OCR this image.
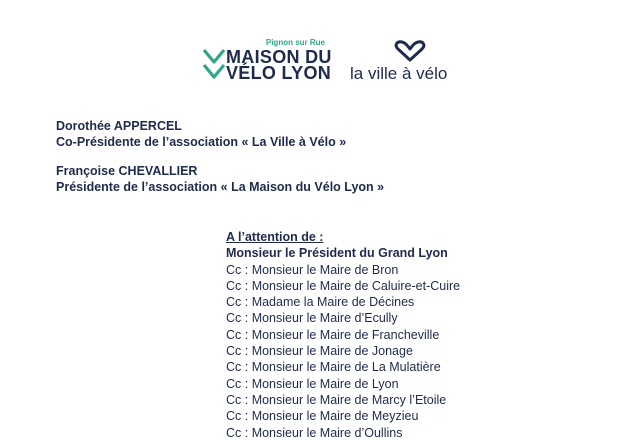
Pignon sur Rue
MAISON DU
VÉLO LYON la ville à vélo
Dorothée APPERCEL
Co-Présidente de l’association « La Ville à Vélo »
Françoise CHEVALLIER
Présidente de l’association « La Maison du Vélo Lyon »
A l’attention de :
Monsieur le Président du Grand Lyon
Cc : Monsieur le Maire de Bron
Cc : Monsieur le Maire de Caluire-et-Cuire
Cc : Madame la Maire de Décines
Cc : Monsieur le Maire d’Ecully
Cc : Monsieur le Maire de Francheville
Cc : Monsieur le Maire de Jonage
Cc : Monsieur le Maire de La Mulatière
Cc : Monsieur le Maire de Lyon
Cc : Monsieur le Maire de Marcy l’Etoile
Cc : Monsieur le Maire de Meyzieu
Cc : Monsieur le Maire d’Oullins
